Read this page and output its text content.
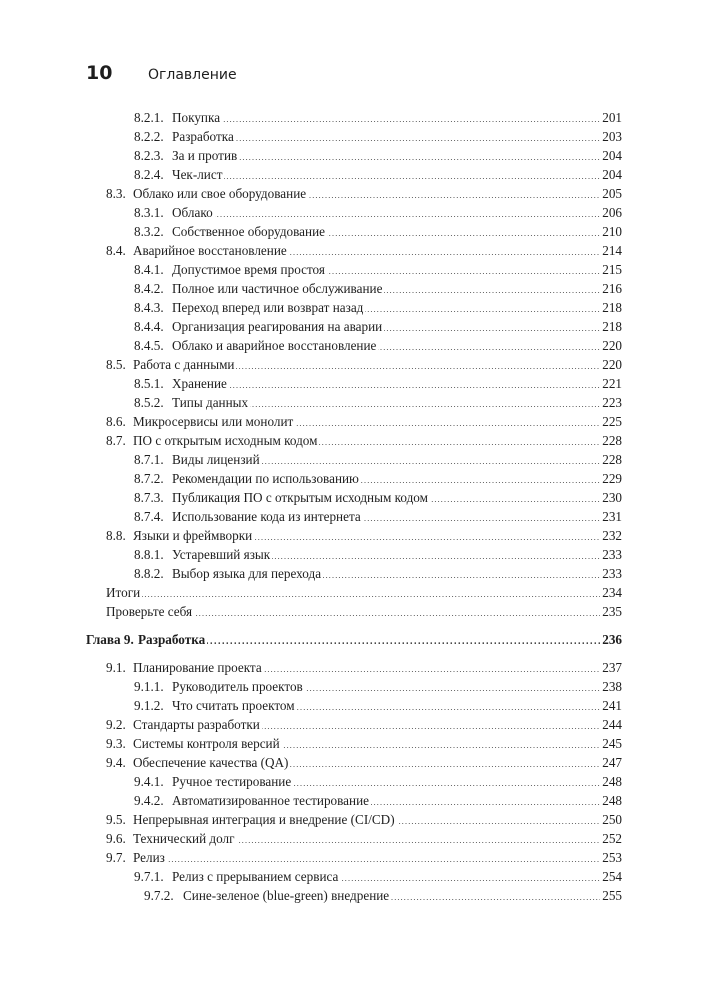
10	Оглавление
.....
8.2.1. Покупка	201
.....
8.2.2. Разработка	203
.....
8.2.3. За и против	204
.....
8.2.4. Чек-лист	204
.....
8.3. Облако или свое оборудование	205
.....
8.3.1. Облако	206
.....
8.3.2. Собственное оборудование	210
.....
8.4. Аварийное восстановление	214
.....
8.4.1. Допустимое время простоя	215
.....
8.4.2. Полное или частичное обслуживание	216
.....
8.4.3. Переход вперед или возврат назад	218
.....
8.4.4. Организация реагирования на аварии	218
.....
8.4.5. Облако и аварийное восстановление	220
.....
8.5. Работа с данными	220
.....
8.5.1. Хранение	221
.....
8.5.2. Типы данных	223
.....
8.6. Микросервисы или монолит	225
.....
8.7. ПО с открытым исходным кодом	228
.....
8.7.1. Виды лицензий	228
.....
8.7.2. Рекомендации по использованию	229
.....
8.7.3. Публикация ПО с открытым исходным кодом	230
.....
8.7.4. Использование кода из интернета	231
.....
8.8. Языки и фреймворки	232
.....
8.8.1. Устаревший язык	233
.....
8.8.2. Выбор языка для перехода	233
.....
Итоги	234
.....
Проверьте себя	235
.....
Глава 9. Разработка	236
.....
9.1. Планирование проекта	237
.....
9.1.1. Руководитель проектов	238
.....
9.1.2. Что считать проектом	241
.....
9.2. Стандарты разработки	244
.....
9.3. Системы контроля версий	245
.....
9.4. Обеспечение качества (QA)	247
.....
9.4.1. Ручное тестирование	248
.....
9.4.2. Автоматизированное тестирование	248
.....
9.5. Непрерывная интеграция и внедрение (CI/CD)	250
.....
9.6. Технический долг	252
.....
9.7. Релиз	253
.....
9.7.1. Релиз с прерыванием сервиса	254
.....
9.7.2. Сине-зеленое (blue-green) внедрение	255
